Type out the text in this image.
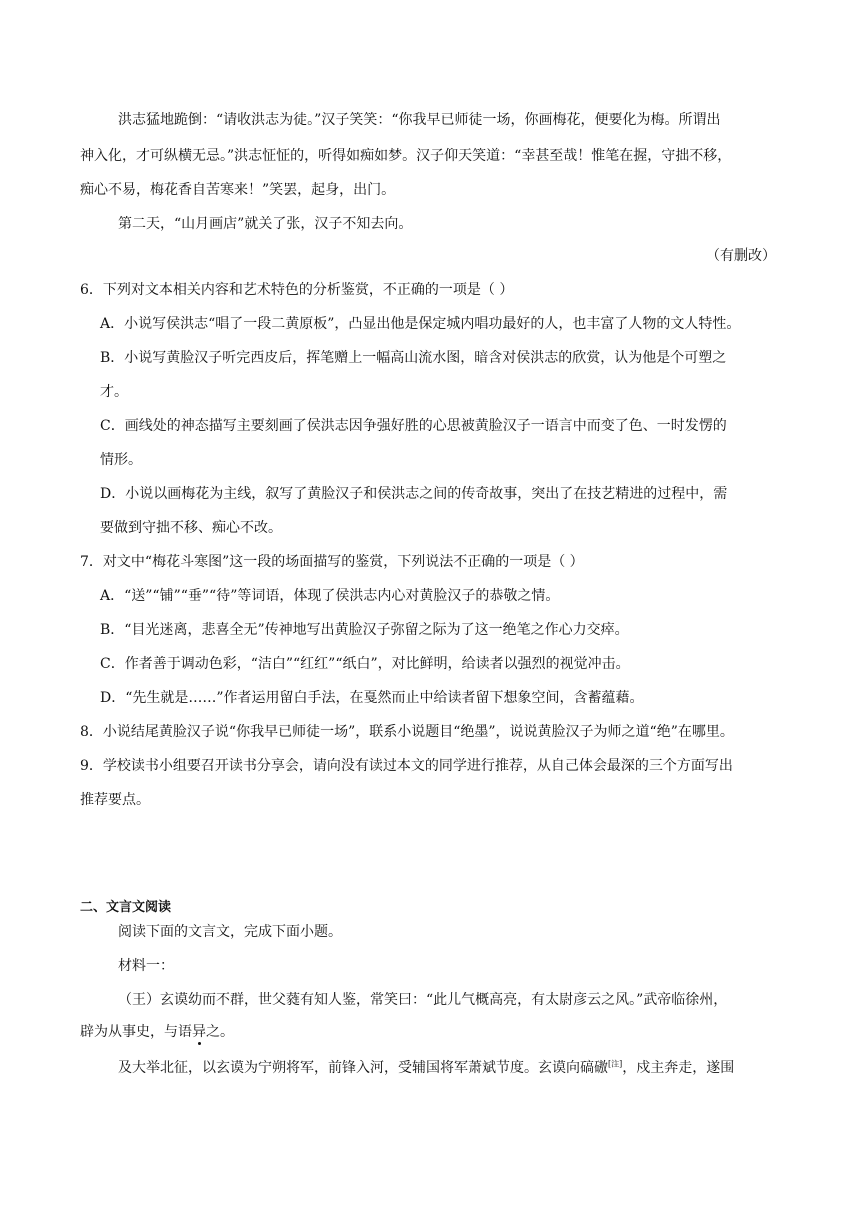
洪志猛地跪倒：“请收洪志为徒。”汉子笑笑：“你我早已师徒一场，你画梅花，便要化为梅。所谓出
神入化，才可纵横无忌。”洪志怔怔的，听得如痴如梦。汉子仰天笑道：“幸甚至哉！惟笔在握，守拙不移，
痴心不易，梅花香自苦寒来！”笑罢，起身，出门。
第二天，“山月画店”就关了张，汉子不知去向。
（有删改）
6．下列对文本相关内容和艺术特色的分析鉴赏，不正确的一项是（ ）
A．小说写侯洪志“唱了一段二黄原板”，凸显出他是保定城内唱功最好的人，也丰富了人物的文人特性。
B．小说写黄脸汉子听完西皮后，挥笔赠上一幅高山流水图，暗含对侯洪志的欣赏，认为他是个可塑之
才。
C．画线处的神态描写主要刻画了侯洪志因争强好胜的心思被黄脸汉子一语言中而变了色、一时发愣的
情形。
D．小说以画梅花为主线，叙写了黄脸汉子和侯洪志之间的传奇故事，突出了在技艺精进的过程中，需
要做到守拙不移、痴心不改。
7．对文中“梅花斗寒图”这一段的场面描写的鉴赏，下列说法不正确的一项是（ ）
A．“送”“铺”“垂”“待”等词语，体现了侯洪志内心对黄脸汉子的恭敬之情。
B．“目光迷离，悲喜全无”传神地写出黄脸汉子弥留之际为了这一绝笔之作心力交瘁。
C．作者善于调动色彩，“洁白”“红红”“纸白”，对比鲜明，给读者以强烈的视觉冲击。
D．“先生就是……”作者运用留白手法，在戛然而止中给读者留下想象空间，含蓄蕴藉。
8．小说结尾黄脸汉子说“你我早已师徒一场”，联系小说题目“绝墨”，说说黄脸汉子为师之道“绝”在哪里。
9．学校读书小组要召开读书分享会，请向没有读过本文的同学进行推荐，从自己体会最深的三个方面写出
推荐要点。
二、文言文阅读
阅读下面的文言文，完成下面小题。
材料一：
（王）玄谟幼而不群，世父蕤有知人鉴，常笑曰：“此儿气概高亮，有太尉彦云之风。”武帝临徐州，
辟为从事史，与语异之。
及大举北征，以玄谟为宁朔将军，前锋入河，受辅国将军萧斌节度。玄谟向碻磝[注]，戍主奔走，遂围
